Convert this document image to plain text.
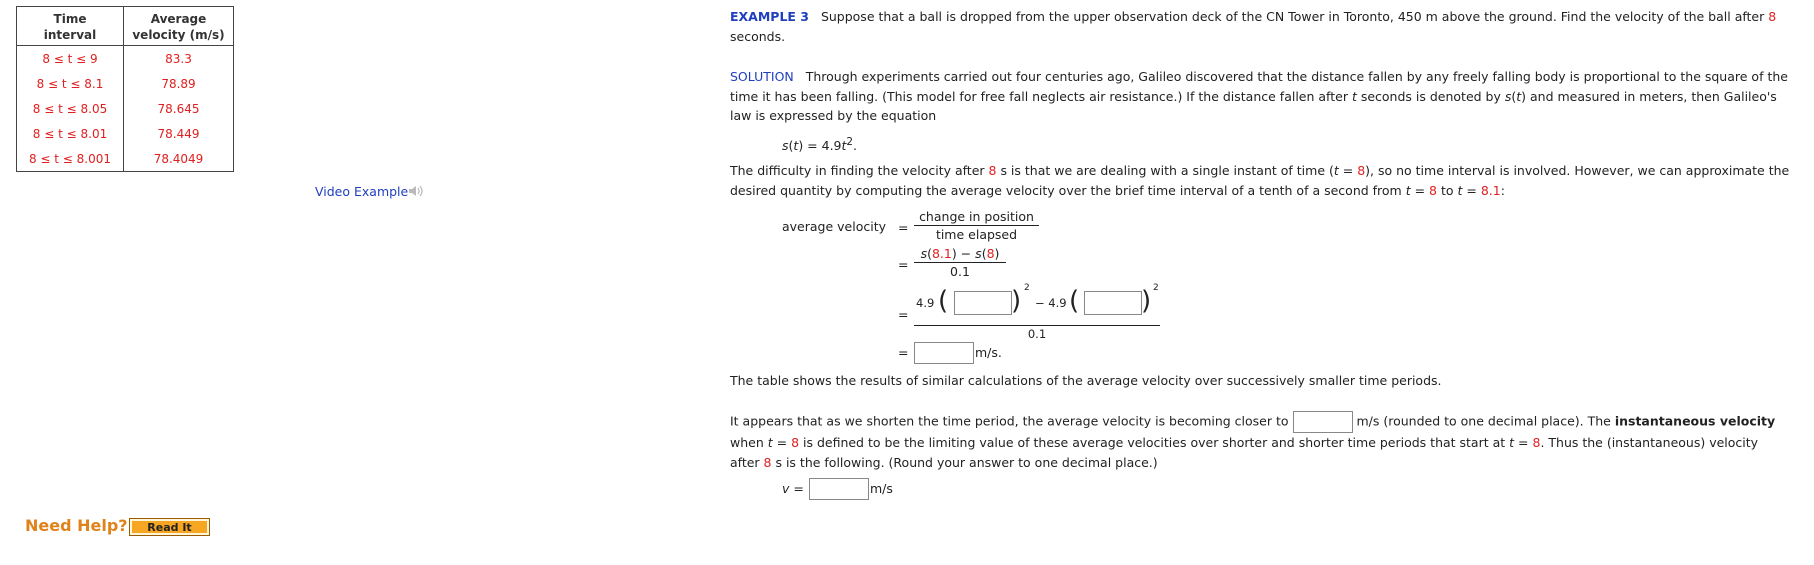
Time
interval	Average
velocity (m/s)
8 ≤ t ≤ 9	83.3
8 ≤ t ≤ 8.1	78.89
8 ≤ t ≤ 8.05	78.645
8 ≤ t ≤ 8.01	78.449
8 ≤ t ≤ 8.001	78.4049
Video Example
Need Help?	Read It
EXAMPLE 3 Suppose that a ball is dropped from the upper observation deck of the CN Tower in Toronto, 450 m above the ground. Find the velocity of the ball after 8 seconds.
SOLUTION Through experiments carried out four centuries ago, Galileo discovered that the distance fallen by any freely falling body is proportional to the square of the time it has been falling. (This model for free fall neglects air resistance.) If the distance fallen after t seconds is denoted by s(t) and measured in meters, then Galileo's law is expressed by the equation
$s(t) = 4.9t^2$.
The difficulty in finding the velocity after 8 s is that we are dealing with a single instant of time (t = 8), so no time interval is involved. However, we can approximate the desired quantity by computing the average velocity over the brief time interval of a tenth of a second from t = 8 to t = 8.1:
average velocity =
change in position
time elapsed
= $\frac{s(8.1) - s(8)}{0.1}$
= 4.9 ( ) 2
− 4.9 ( ) 2
0.1
=	m/s.
The table shows the results of similar calculations of the average velocity over successively smaller time periods.
It appears that as we shorten the time period, the average velocity is becoming closer to	m/s (rounded to one decimal place). The instantaneous velocity when t = 8 is defined to be the limiting value of these average velocities over shorter and shorter time periods that start at t = 8. Thus the (instantaneous) velocity after 8 s is the following. (Round your answer to one decimal place.)
v =	m/s
